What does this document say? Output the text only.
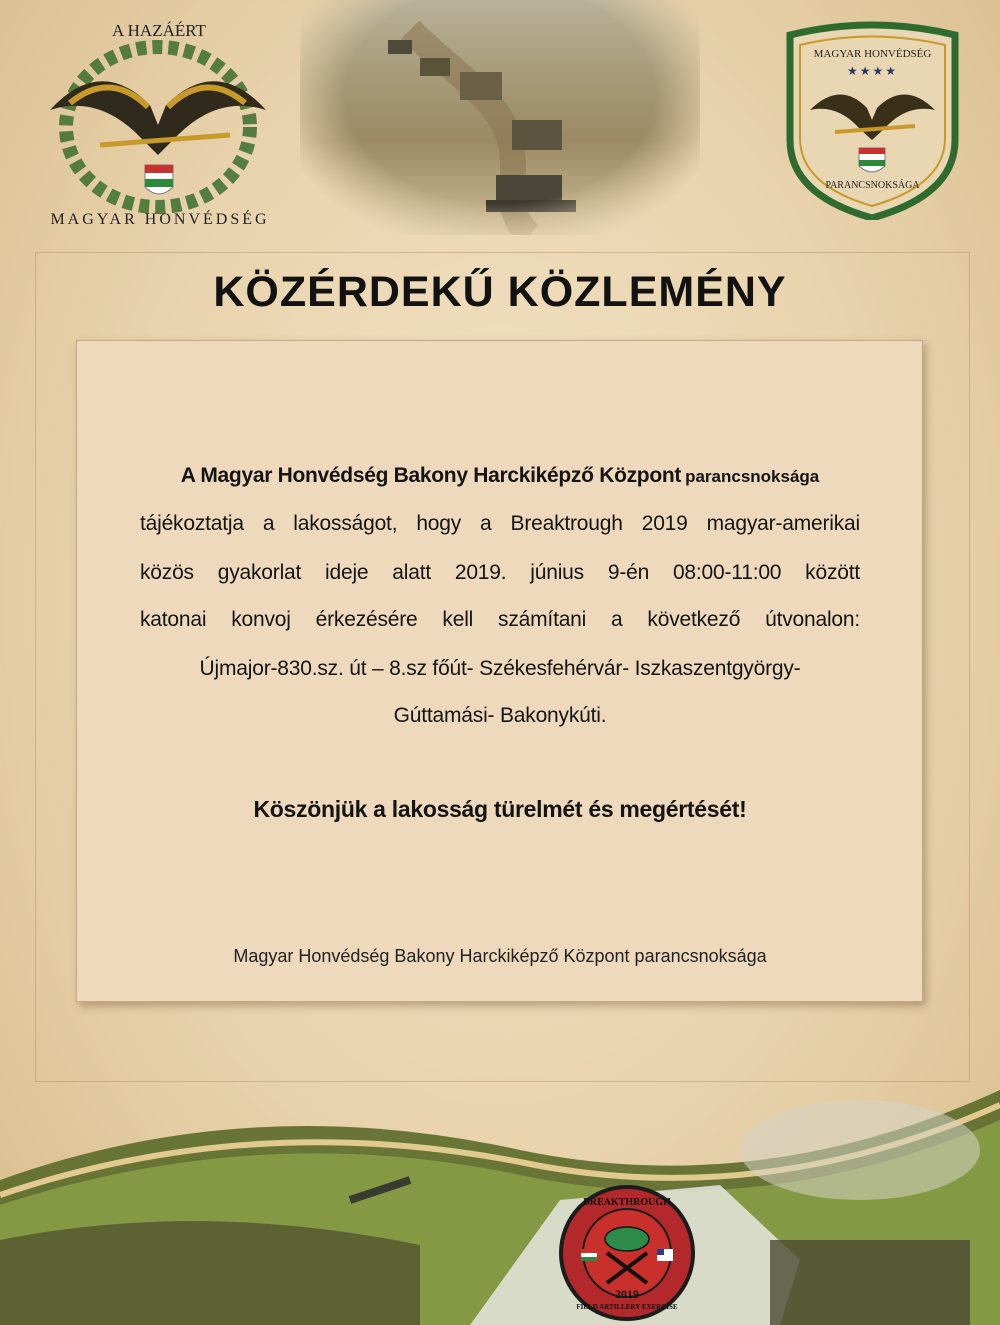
A HAZÁÉRT
MAGYAR HONVÉDSÉG
MAGYAR HONVÉDSÉG
★★★★
PARANCSNOKSÁGA
KÖZÉRDEKŰ KÖZLEMÉNY
A Magyar Honvédség Bakony Harckiképző Központ parancsnoksága
tájékoztatja a lakosságot, hogy a Breaktrough 2019 magyar-amerikai
közös gyakorlat ideje alatt 2019. június 9-én 08:00-11:00 között
katonai konvoj érkezésére kell számítani a következő útvonalon:
Újmajor-830.sz. út – 8.sz főút- Székesfehérvár- Iszkaszentgyörgy-
Gúttamási- Bakonykúti.
Köszönjük a lakosság türelmét és megértését!
Magyar Honvédség Bakony Harckiképző Központ parancsnoksága
BREAKTHROUGH
2019
FIELD ARTILLERY EXERCISE
